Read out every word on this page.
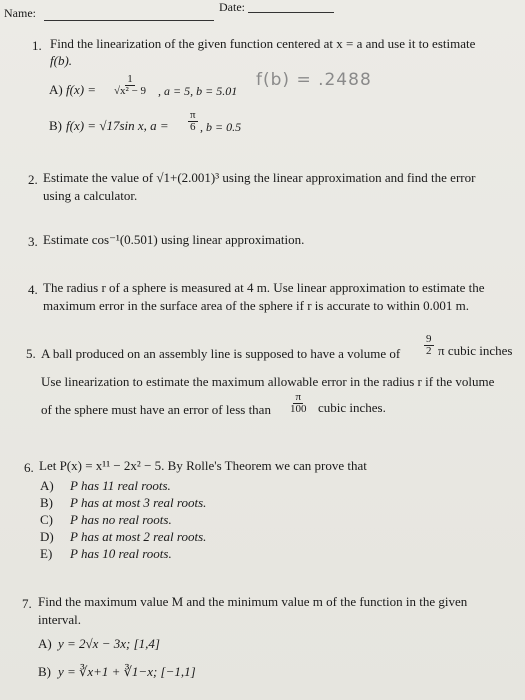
Name:	Date:
1. Find the linearization of the given function centered at x = a and use it to estimate
f(b).
A) $f(x) = \frac{1}{\text{√x² − 9}}$ , a = 5, b = 5.01
f(b) = .2488
B) f(x) = √17sin x, $a = \frac{\pi}{6}$ , b = 0.5
2. Estimate the value of √1+(2.001)³ using the linear approximation and find the error
using a calculator.
3. Estimate cos⁻¹(0.501) using linear approximation.
4. The radius r of a sphere is measured at 4 m. Use linear approximation to estimate the
maximum error in the surface area of the sphere if r is accurate to within 0.001 m.
5. A ball produced on an assembly line is supposed to have a volume of $\frac{9}{2}$ π cubic inches
Use linearization to estimate the maximum allowable error in the radius r if the volume
of the sphere must have an error of less than $\frac{\pi}{100}$ cubic inches.
6. Let P(x) = x¹¹ − 2x² − 5. By Rolle's Theorem we can prove that
A) P has 11 real roots.
B) P has at most 3 real roots.
C) P has no real roots.
D) P has at most 2 real roots.
E) P has 10 real roots.
7. Find the maximum value M and the minimum value m of the function in the given
interval.
A) y = 2√x − 3x; [1,4]
B) y = ∛x+1 + ∛1−x; [−1,1]
